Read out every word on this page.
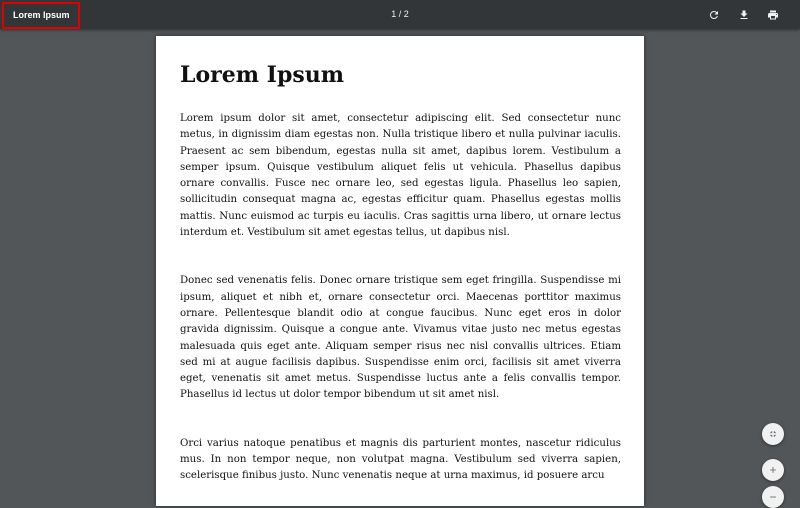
Lorem Ipsum	1 / 2
Lorem Ipsum

Lorem ipsum dolor sit amet, consectetur adipiscing elit. Sed consectetur nunc metus, in dignissim diam egestas non. Nulla tristique libero et nulla pulvinar iaculis. Praesent ac sem bibendum, egestas nulla sit amet, dapibus lorem. Vestibulum a semper ipsum. Quisque vestibulum aliquet felis ut vehicula. Phasellus dapibus ornare convallis. Fusce nec ornare leo, sed egestas ligula. Phasellus leo sapien, sollicitudin consequat magna ac, egestas efficitur quam. Phasellus egestas mollis mattis. Nunc euismod ac turpis eu iaculis. Cras sagittis urna libero, ut ornare lectus interdum et. Vestibulum sit amet egestas tellus, ut dapibus nisl.

Donec sed venenatis felis. Donec ornare tristique sem eget fringilla. Suspendisse mi ipsum, aliquet et nibh et, ornare consectetur orci. Maecenas porttitor maximus ornare. Pellentesque blandit odio at congue faucibus. Nunc eget eros in dolor gravida dignissim. Quisque a congue ante. Vivamus vitae justo nec metus egestas malesuada quis eget ante. Aliquam semper risus nec nisl convallis ultrices. Etiam sed mi at augue facilisis dapibus. Suspendisse enim orci, facilisis sit amet viverra eget, venenatis sit amet metus. Suspendisse luctus ante a felis convallis tempor. Phasellus id lectus ut dolor tempor bibendum ut sit amet nisl.

Orci varius natoque penatibus et magnis dis parturient montes, nascetur ridiculus mus. In non tempor neque, non volutpat magna. Vestibulum sed viverra sapien, scelerisque finibus justo. Nunc venenatis neque at urna maximus, id posuere arcu
